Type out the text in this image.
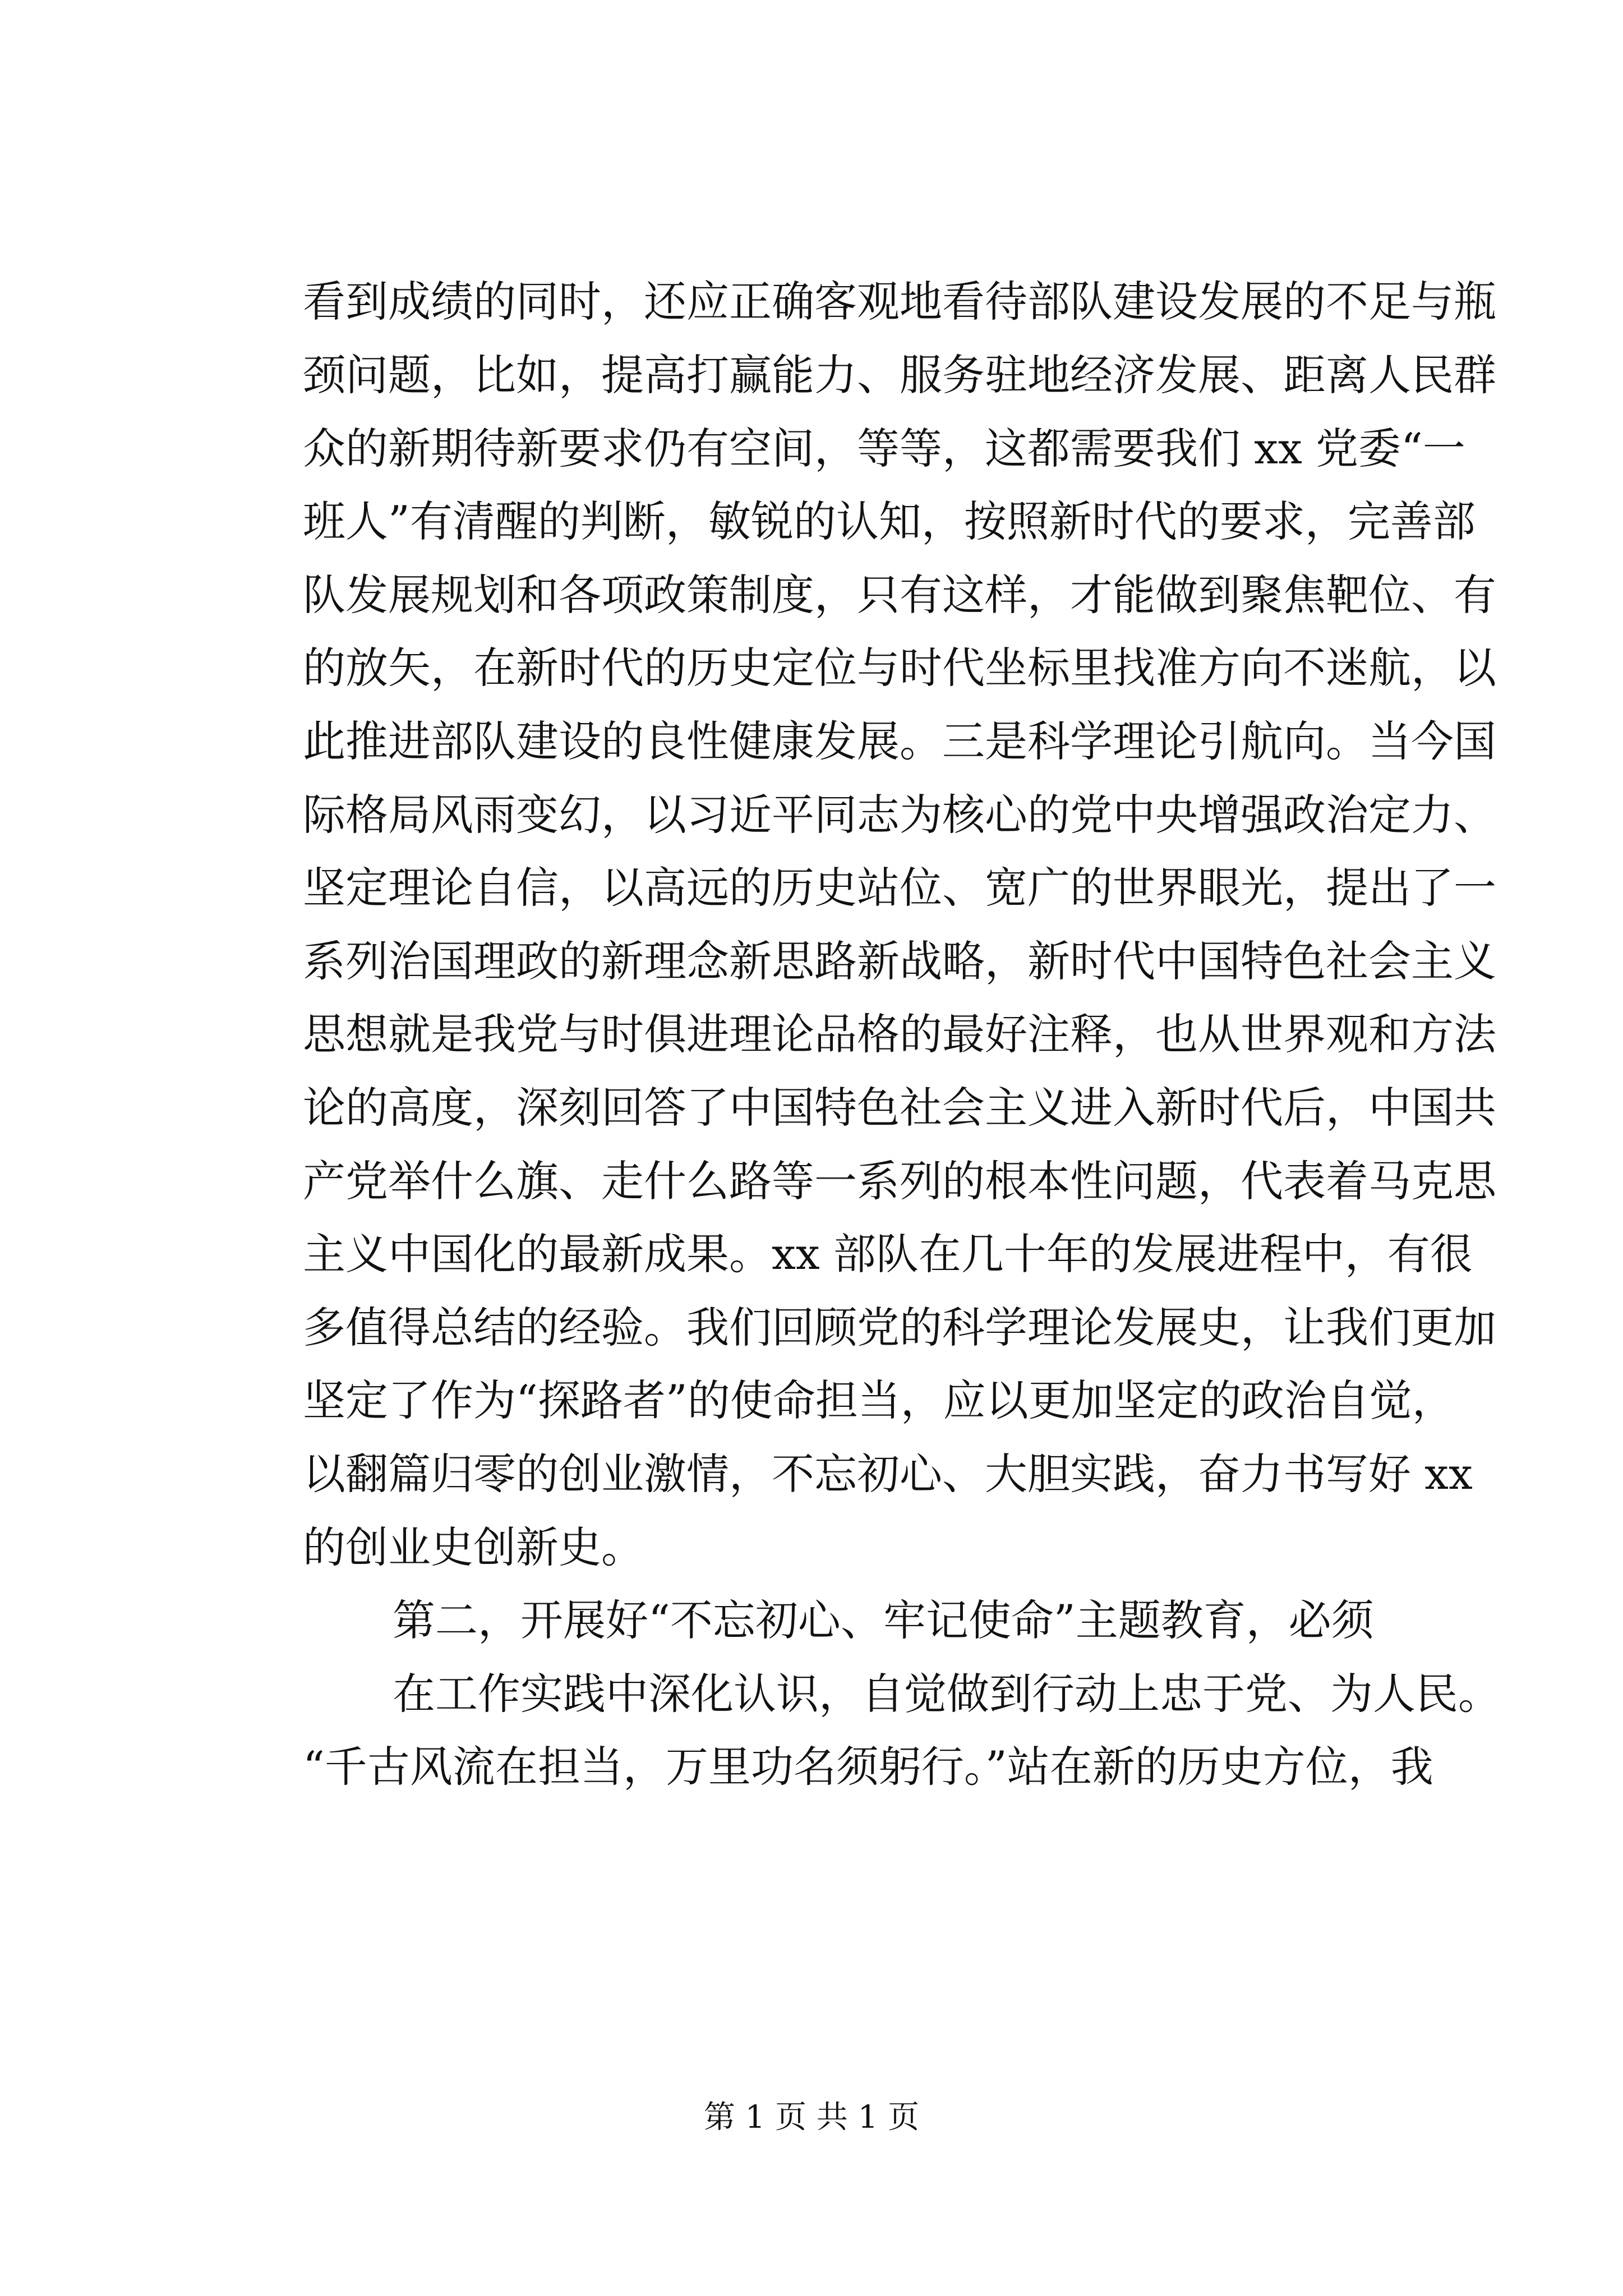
看到成绩的同时，还应正确客观地看待部队建设发展的不足与瓶
颈问题，比如，提高打赢能力、服务驻地经济发展、距离人民群
众的新期待新要求仍有空间，等等，这都需要我们 xx 党委“一
班人”有清醒的判断，敏锐的认知，按照新时代的要求，完善部
队发展规划和各项政策制度，只有这样，才能做到聚焦靶位、有
的放矢，在新时代的历史定位与时代坐标里找准方向不迷航，以
此推进部队建设的良性健康发展。三是科学理论引航向。当今国
际格局风雨变幻，以习近平同志为核心的党中央增强政治定力、
坚定理论自信，以高远的历史站位、宽广的世界眼光，提出了一
系列治国理政的新理念新思路新战略，新时代中国特色社会主义
思想就是我党与时俱进理论品格的最好注释，也从世界观和方法
论的高度，深刻回答了中国特色社会主义进入新时代后，中国共
产党举什么旗、走什么路等一系列的根本性问题，代表着马克思
主义中国化的最新成果。xx 部队在几十年的发展进程中，有很
多值得总结的经验。我们回顾党的科学理论发展史，让我们更加
坚定了作为“探路者”的使命担当，应以更加坚定的政治自觉，
以翻篇归零的创业激情，不忘初心、大胆实践，奋力书写好 xx
的创业史创新史。
第二，开展好“不忘初心、牢记使命”主题教育，必须
在工作实践中深化认识，自觉做到行动上忠于党、为人民。
“千古风流在担当，万里功名须躬行。”站在新的历史方位，我
第 1 页 共 1 页
